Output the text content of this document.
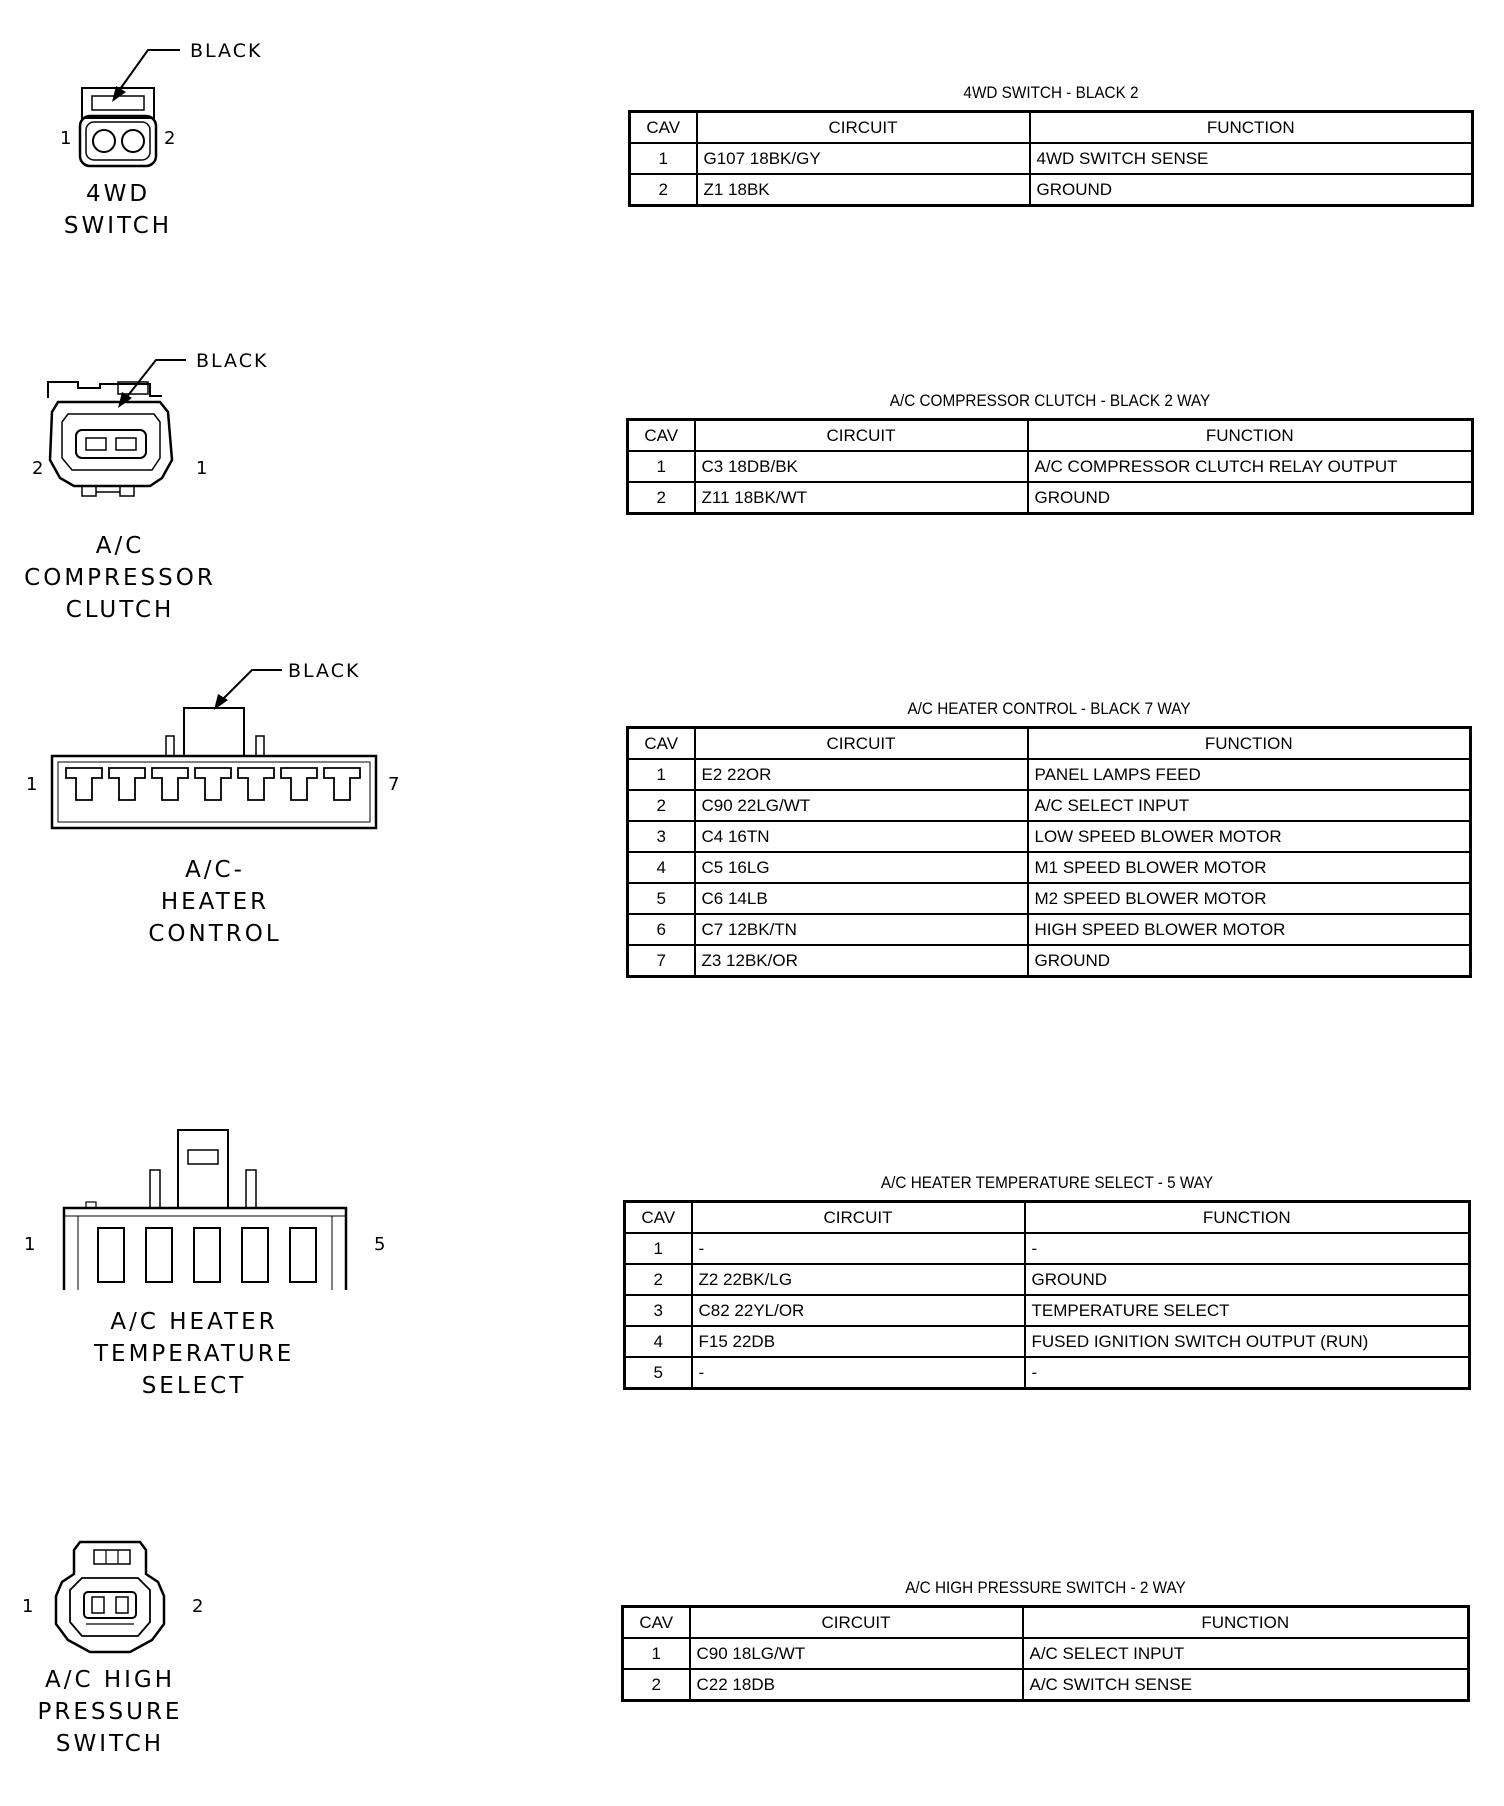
BLACK
1	2
4WD
SWITCH
4WD SWITCH - BLACK 2
CAV	CIRCUIT	FUNCTION
1	G107 18BK/GY	4WD SWITCH SENSE
2	Z1 18BK	GROUND
BLACK
2	1
A/C
COMPRESSOR
CLUTCH
A/C COMPRESSOR CLUTCH - BLACK 2 WAY
CAV	CIRCUIT	FUNCTION
1	C3 18DB/BK	A/C COMPRESSOR CLUTCH RELAY OUTPUT
2	Z11 18BK/WT	GROUND
BLACK
1	7
A/C-
HEATER
CONTROL
A/C HEATER CONTROL - BLACK 7 WAY
CAV	CIRCUIT	FUNCTION
1	E2 22OR	PANEL LAMPS FEED
2	C90 22LG/WT	A/C SELECT INPUT
3	C4 16TN	LOW SPEED BLOWER MOTOR
4	C5 16LG	M1 SPEED BLOWER MOTOR
5	C6 14LB	M2 SPEED BLOWER MOTOR
6	C7 12BK/TN	HIGH SPEED BLOWER MOTOR
7	Z3 12BK/OR	GROUND
1	5
A/C HEATER
TEMPERATURE
SELECT
A/C HEATER TEMPERATURE SELECT - 5 WAY
CAV	CIRCUIT	FUNCTION
1	-	-
2	Z2 22BK/LG	GROUND
3	C82 22YL/OR	TEMPERATURE SELECT
4	F15 22DB	FUSED IGNITION SWITCH OUTPUT (RUN)
5	-	-
1	2
A/C HIGH
PRESSURE
SWITCH
A/C HIGH PRESSURE SWITCH - 2 WAY
CAV	CIRCUIT	FUNCTION
1	C90 18LG/WT	A/C SELECT INPUT
2	C22 18DB	A/C SWITCH SENSE
